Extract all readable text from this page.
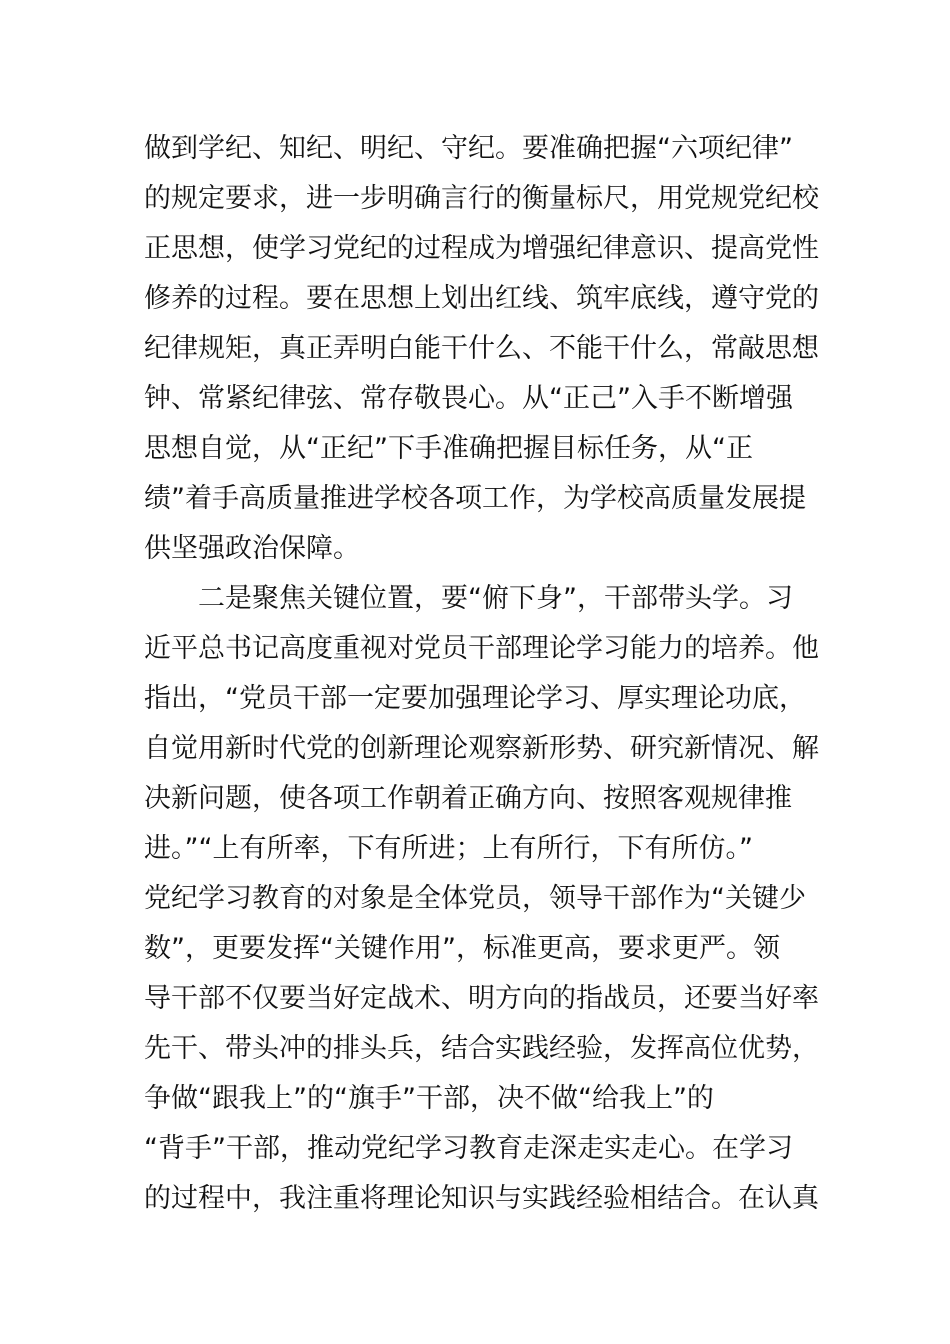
做到学纪、知纪、明纪、守纪。要准确把握“六项纪律”
的规定要求，进一步明确言行的衡量标尺，用党规党纪校
正思想，使学习党纪的过程成为增强纪律意识、提高党性
修养的过程。要在思想上划出红线、筑牢底线，遵守党的
纪律规矩，真正弄明白能干什么、不能干什么，常敲思想
钟、常紧纪律弦、常存敬畏心。从“正己”入手不断增强
思想自觉，从“正纪”下手准确把握目标任务，从“正
绩”着手高质量推进学校各项工作，为学校高质量发展提
供坚强政治保障。
　　二是聚焦关键位置，要“俯下身”，干部带头学。习
近平总书记高度重视对党员干部理论学习能力的培养。他
指出，“党员干部一定要加强理论学习、厚实理论功底，
自觉用新时代党的创新理论观察新形势、研究新情况、解
决新问题，使各项工作朝着正确方向、按照客观规律推
进。”“上有所率，下有所进；上有所行，下有所仿。”
党纪学习教育的对象是全体党员，领导干部作为“关键少
数”，更要发挥“关键作用”，标准更高，要求更严。领
导干部不仅要当好定战术、明方向的指战员，还要当好率
先干、带头冲的排头兵，结合实践经验，发挥高位优势，
争做“跟我上”的“旗手”干部，决不做“给我上”的
“背手”干部，推动党纪学习教育走深走实走心。在学习
的过程中，我注重将理论知识与实践经验相结合。在认真
